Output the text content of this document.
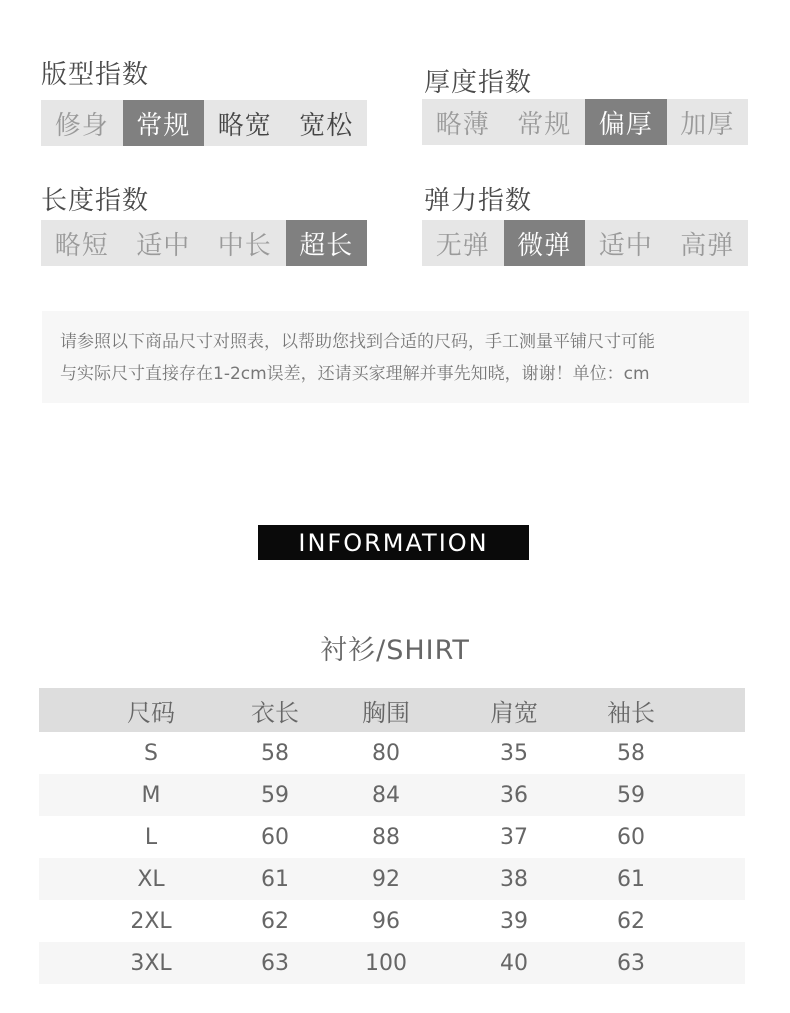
版型指数
修身	常规	略宽	宽松
厚度指数
略薄	常规	偏厚	加厚
长度指数
略短	适中	中长	超长
弹力指数
无弹	微弹	适中	高弹
请参照以下商品尺寸对照表，以帮助您找到合适的尺码，手工测量平铺尺寸可能
与实际尺寸直接存在1-2cm误差，还请买家理解并事先知晓，谢谢！单位：cm
INFORMATION
衬衫/SHIRT
尺码	衣长	胸围	肩宽	袖长
S	58	80	35	58
M	59	84	36	59
L	60	88	37	60
XL	61	92	38	61
2XL	62	96	39	62
3XL	63	100	40	63
